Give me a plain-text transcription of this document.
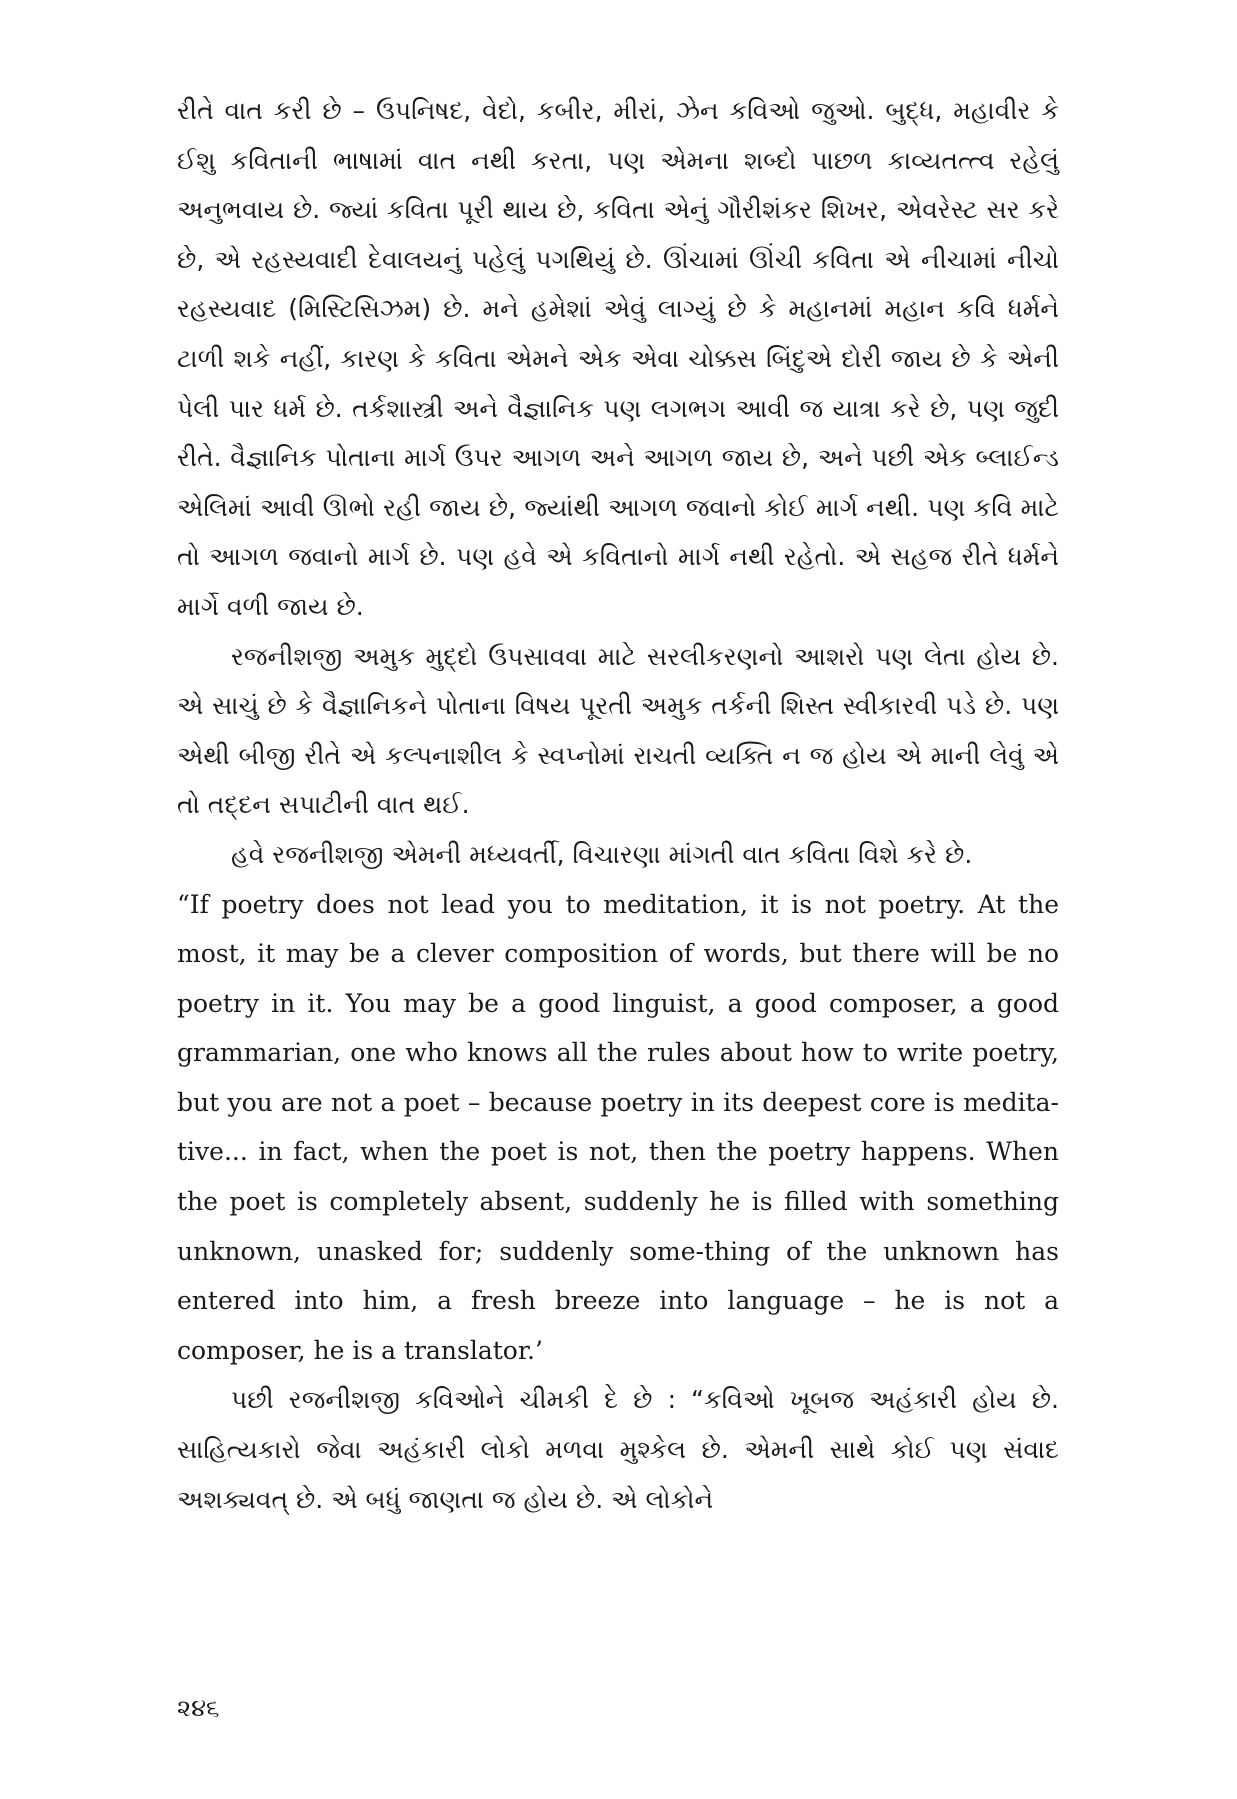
રીતે વાત કરી છે – ઉપનિષદ, વેદો, કબીર, મીરાં, ઝેન કવિઓ જુઓ. બુદ્ધ, મહાવીર કે ઈશુ કવિતાની ભાષામાં વાત નથી કરતા, પણ એમના શબ્દો પાછળ કાવ્યતત્ત્વ રહેલું અનુભવાય છે. જ્યાં કવિતા પૂરી થાય છે, કવિતા એનું ગૌરીશંકર શિખર, એવરેસ્ટ સર કરે છે, એ રહસ્યવાદી દેવાલયનું પહેલું પગથિયું છે. ઊંચામાં ઊંચી કવિતા એ નીચામાં નીચો રહસ્યવાદ (મિસ્ટિસિઝમ) છે. મને હમેશાં એવું લાગ્યું છે કે મહાનમાં મહાન કવિ ધર્મને ટાળી શકે નહીં, કારણ કે કવિતા એમને એક એવા ચોક્કસ બિંદુએ દોરી જાય છે કે એની પેલી પાર ધર્મ છે. તર્કશાસ્ત્રી અને વૈજ્ઞાનિક પણ લગભગ આવી જ યાત્રા કરે છે, પણ જુદી રીતે. વૈજ્ઞાનિક પોતાના માર્ગ ઉપર આગળ અને આગળ જાય છે, અને પછી એક બ્લાઈન્ડ એલિમાં આવી ઊભો રહી જાય છે, જ્યાંથી આગળ જવાનો કોઈ માર્ગ નથી. પણ કવિ માટે તો આગળ જવાનો માર્ગ છે. પણ હવે એ કવિતાનો માર્ગ નથી રહેતો. એ સહજ રીતે ધર્મને માર્ગે વળી જાય છે.

રજનીશજી અમુક મુદ્દો ઉપસાવવા માટે સરલીકરણનો આશરો પણ લેતા હોય છે. એ સાચું છે કે વૈજ્ઞાનિકને પોતાના વિષય પૂરતી અમુક તર્કની શિસ્ત સ્વીકારવી પડે છે. પણ એથી બીજી રીતે એ કલ્પનાશીલ કે સ્વપ્નોમાં રાચતી વ્યક્તિ ન જ હોય એ માની લેવું એ તો તદ્દન સપાટીની વાત થઈ.

હવે રજનીશજી એમની મધ્યવર્તી, વિચારણા માંગતી વાત કવિતા વિશે કરે છે.

“If poetry does not lead you to meditation, it is not poetry. At the most, it may be a clever composition of words, but there will be no poetry in it. You may be a good linguist, a good composer, a good grammarian, one who knows all the rules about how to write poetry, but you are not a poet – because poetry in its deepest core is medita-tive... in fact, when the poet is not, then the poetry happens. When the poet is completely absent, suddenly he is filled with something unknown, unasked for; suddenly some-thing of the unknown has entered into him, a fresh breeze into language – he is not a composer, he is a translator.’

પછી રજનીશજી કવિઓને ચીમકી દે છે : “કવિઓ ખૂબજ અહંકારી હોય છે. સાહિત્યકારો જેવા અહંકારી લોકો મળવા મુશ્કેલ છે. એમની સાથે કોઈ પણ સંવાદ અશક્યવત્ છે. એ બધું જાણતા જ હોય છે. એ લોકોને

૨૪૬
